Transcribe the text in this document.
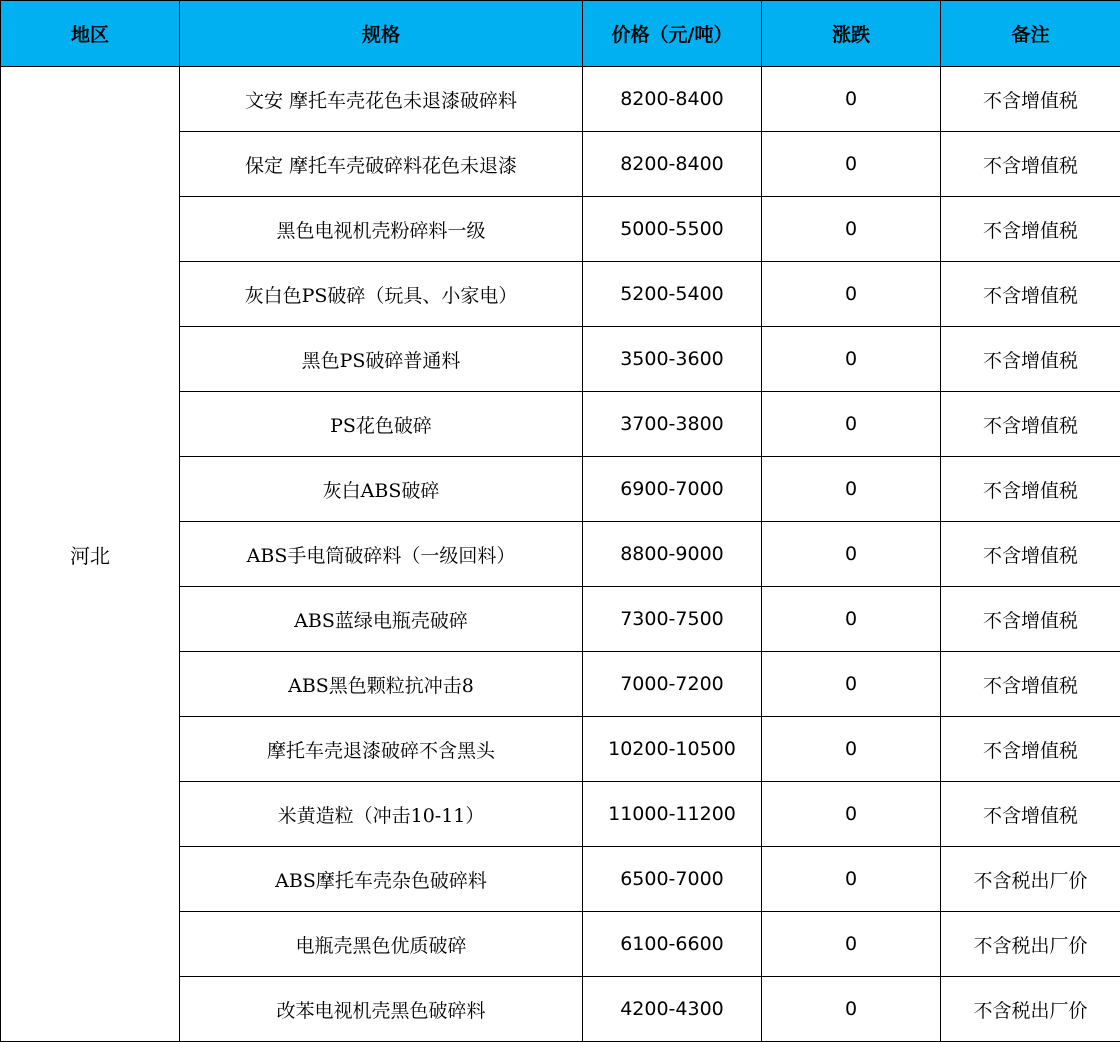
地区	规格	价格（元/吨）	涨跌	备注
河北	文安 摩托车壳花色未退漆破碎料	8200-8400	0	不含增值税
	保定 摩托车壳破碎料花色未退漆	8200-8400	0	不含增值税
	黑色电视机壳粉碎料一级	5000-5500	0	不含增值税
	灰白色PS破碎（玩具、小家电）	5200-5400	0	不含增值税
	黑色PS破碎普通料	3500-3600	0	不含增值税
	PS花色破碎	3700-3800	0	不含增值税
	灰白ABS破碎	6900-7000	0	不含增值税
	ABS手电筒破碎料（一级回料）	8800-9000	0	不含增值税
	ABS蓝绿电瓶壳破碎	7300-7500	0	不含增值税
	ABS黑色颗粒抗冲击8	7000-7200	0	不含增值税
	摩托车壳退漆破碎不含黑头	10200-10500	0	不含增值税
	米黄造粒（冲击10-11）	11000-11200	0	不含增值税
	ABS摩托车壳杂色破碎料	6500-7000	0	不含税出厂价
	电瓶壳黑色优质破碎	6100-6600	0	不含税出厂价
	改苯电视机壳黑色破碎料	4200-4300	0	不含税出厂价
